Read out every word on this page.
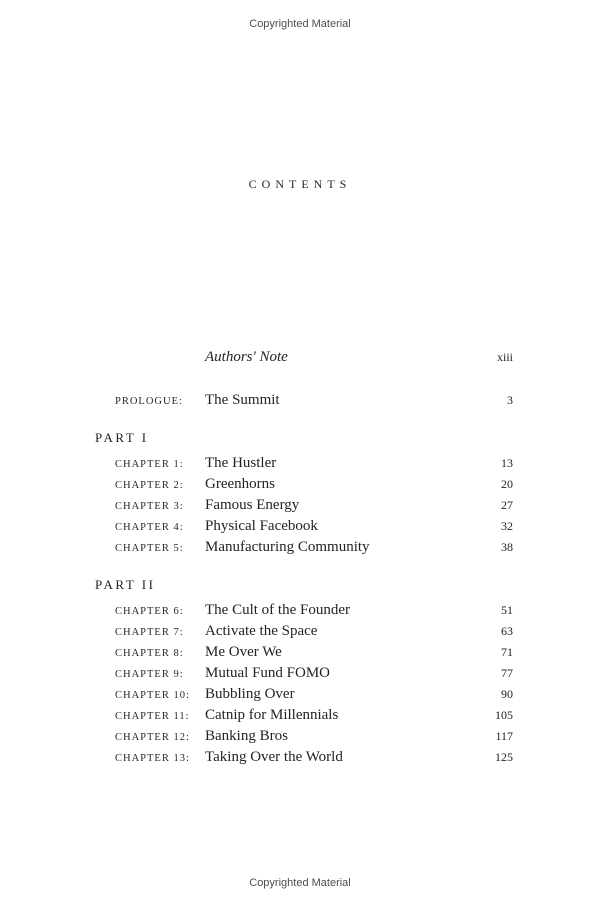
Copyrighted Material
CONTENTS
Authors' Note	xiii
PROLOGUE:	The Summit	3
PART I
CHAPTER 1:	The Hustler	13
CHAPTER 2:	Greenhorns	20
CHAPTER 3:	Famous Energy	27
CHAPTER 4:	Physical Facebook	32
CHAPTER 5:	Manufacturing Community	38
PART II
CHAPTER 6:	The Cult of the Founder	51
CHAPTER 7:	Activate the Space	63
CHAPTER 8:	Me Over We	71
CHAPTER 9:	Mutual Fund FOMO	77
CHAPTER 10:	Bubbling Over	90
CHAPTER 11:	Catnip for Millennials	105
CHAPTER 12:	Banking Bros	117
CHAPTER 13:	Taking Over the World	125
Copyrighted Material
